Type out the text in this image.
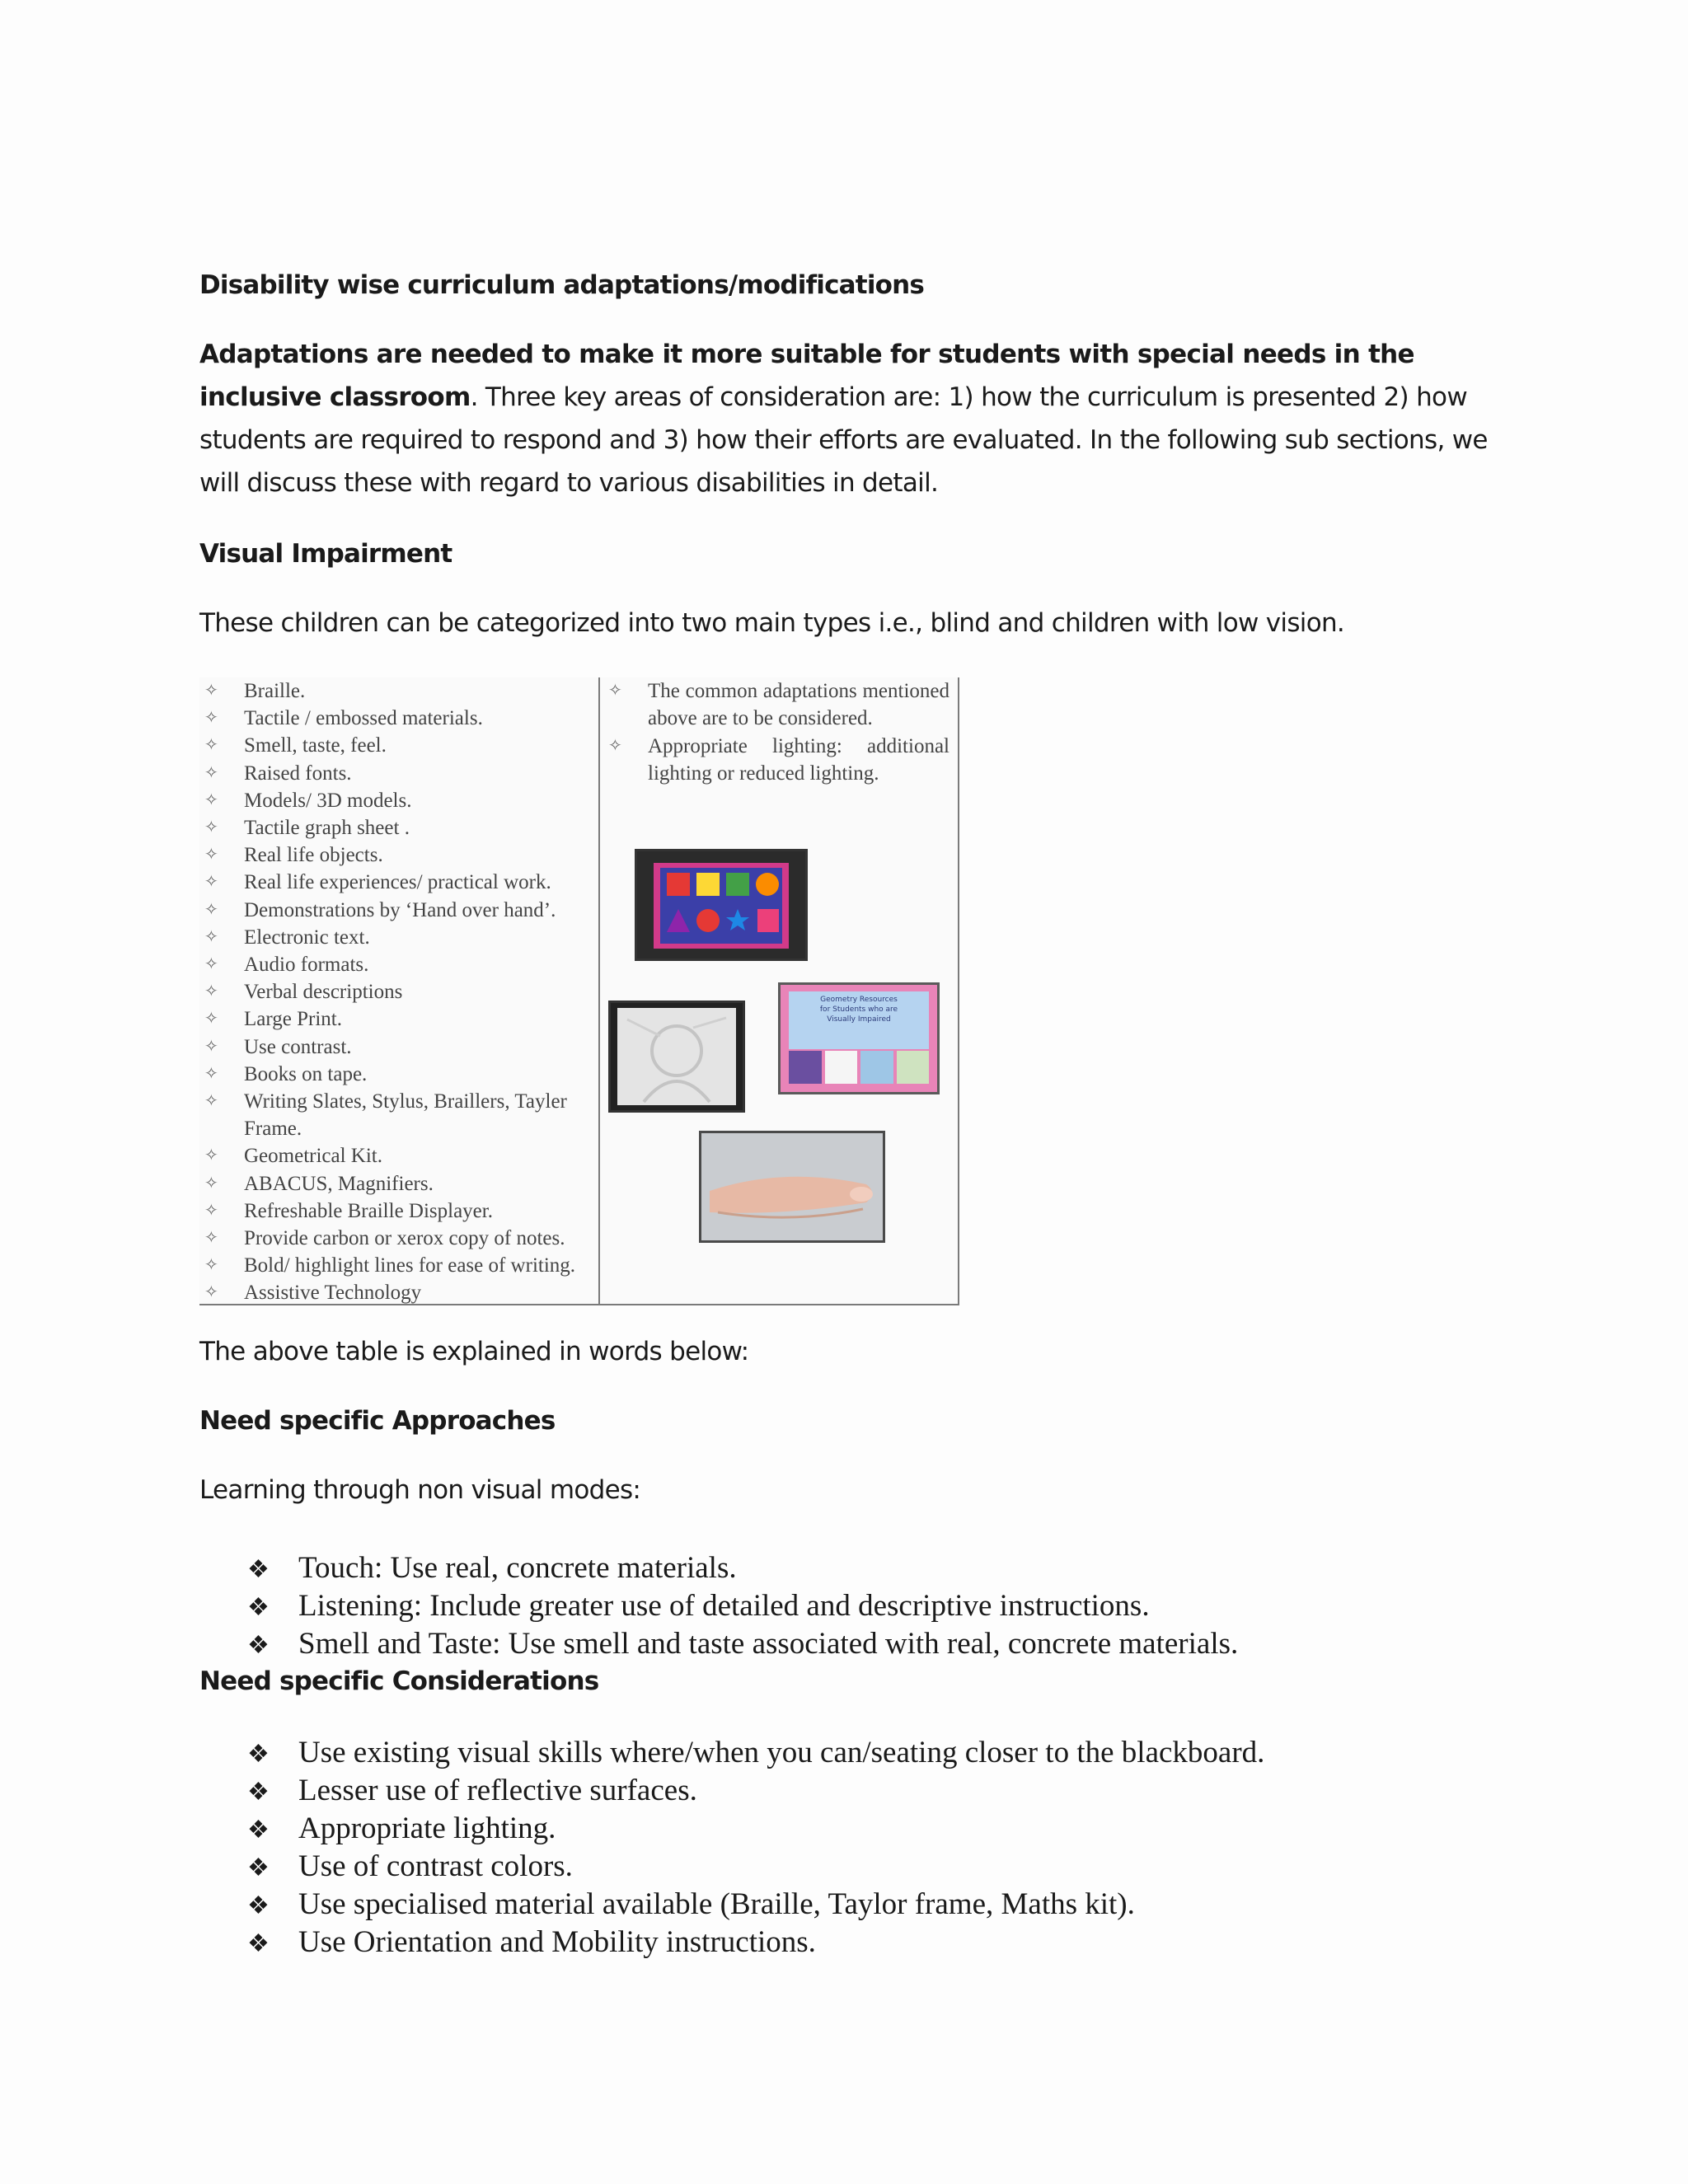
Disability wise curriculum adaptations/modifications

Adaptations are needed to make it more suitable for students with special needs in the inclusive classroom. Three key areas of consideration are: 1) how the curriculum is presented 2) how students are required to respond and 3) how their efforts are evaluated. In the following sub sections, we will discuss these with regard to various disabilities in detail.

Visual Impairment
These children can be categorized into two main types i.e., blind and children with low vision.
✧	Braille.
✧	Tactile / embossed materials.
✧	Smell, taste, feel.
✧	Raised fonts.
✧	Models/ 3D models.
✧	Tactile graph sheet .
✧	Real life objects.
✧	Real life experiences/ practical work.
✧	Demonstrations by ‘Hand over hand’.
✧	Electronic text.
✧	Audio formats.
✧	Verbal descriptions
✧	Large Print.
✧	Use contrast.
✧	Books on tape.
✧	Writing Slates, Stylus, Braillers, Tayler Frame.
✧	Geometrical Kit.
✧	ABACUS, Magnifiers.
✧	Refreshable Braille Displayer.
✧	Provide carbon or xerox copy of notes.
✧	Bold/ highlight lines for ease of writing.
✧	Assistive Technology
✧	The common adaptations mentioned above are to be considered.
✧	Appropriate lighting: additional lighting or reduced lighting.
Geometry Resources
for Students who are
Visually Impaired
The above table is explained in words below:
Need specific Approaches
Learning through non visual modes:
❖ Touch: Use real, concrete materials.
❖ Listening: Include greater use of detailed and descriptive instructions.
❖ Smell and Taste: Use smell and taste associated with real, concrete materials.
Need specific Considerations
❖ Use existing visual skills where/when you can/seating closer to the blackboard.
❖ Lesser use of reflective surfaces.
❖ Appropriate lighting.
❖ Use of contrast colors.
❖ Use specialised material available (Braille, Taylor frame, Maths kit).
❖ Use Orientation and Mobility instructions.
